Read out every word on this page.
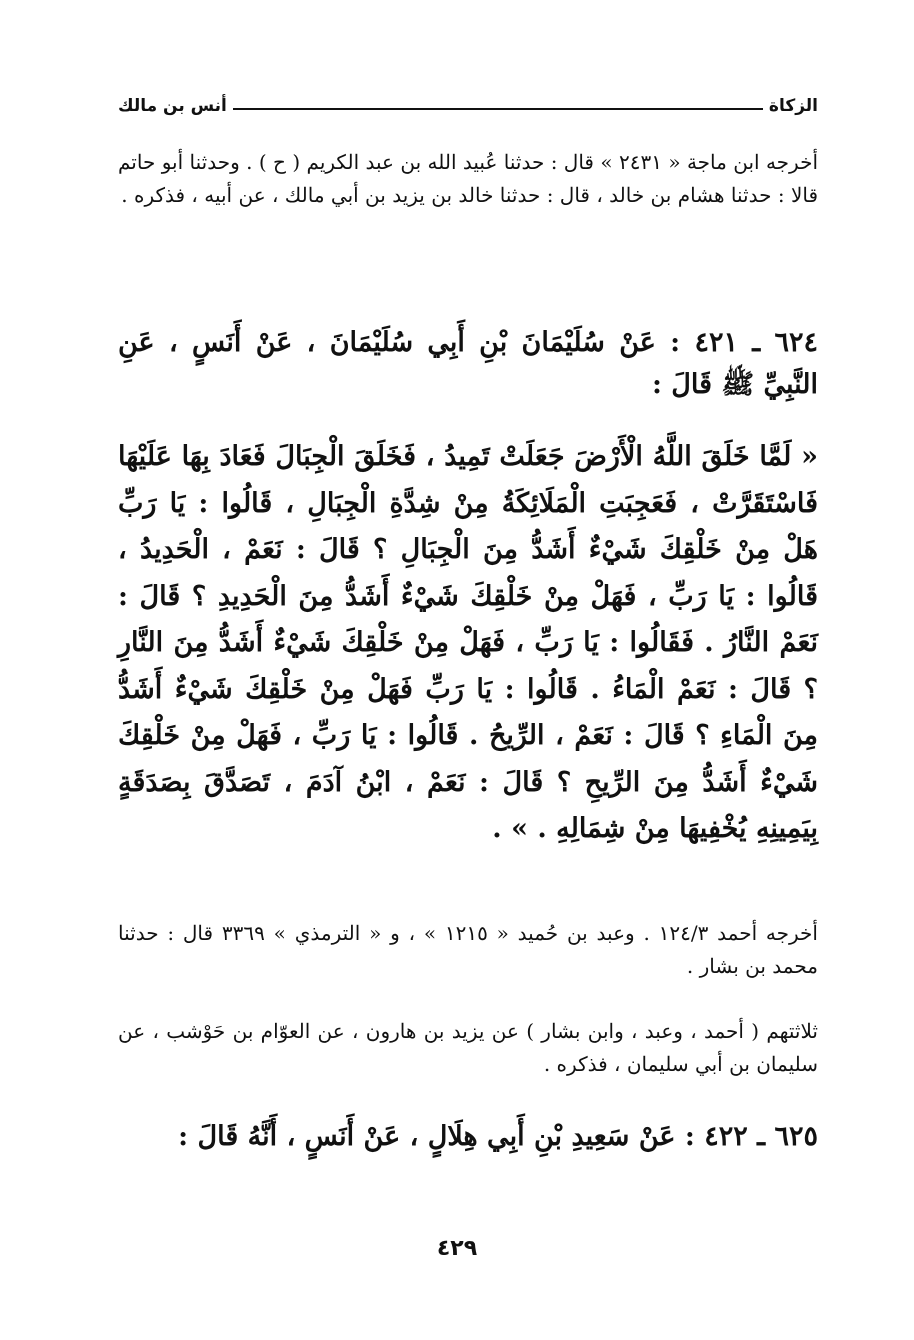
الزكاة
أنس بن مالك

أخرجه ابن ماجة « ٢٤٣١ » قال : حدثنا عُبيد الله بن عبد الكريم ( ح ) . وحدثنا أبو حاتم قالا : حدثنا هشام بن خالد ، قال : حدثنا خالد بن يزيد بن أبي مالك ، عن أبيه ، فذكره .

٦٢٤ ـ ٤٢١ : عَنْ سُلَيْمَانَ بْنِ أَبِي سُلَيْمَانَ ، عَنْ أَنَسٍ ، عَنِ النَّبِيِّ ﷺ قَالَ :

« لَمَّا خَلَقَ اللَّهُ الْأَرْضَ جَعَلَتْ تَمِيدُ ، فَخَلَقَ الْجِبَالَ فَعَادَ بِهَا عَلَيْهَا فَاسْتَقَرَّتْ ، فَعَجِبَتِ الْمَلَائِكَةُ مِنْ شِدَّةِ الْجِبَالِ ، قَالُوا : يَا رَبِّ هَلْ مِنْ خَلْقِكَ شَيْءٌ أَشَدُّ مِنَ الْجِبَالِ ؟ قَالَ : نَعَمْ ، الْحَدِيدُ ، قَالُوا : يَا رَبِّ ، فَهَلْ مِنْ خَلْقِكَ شَيْءٌ أَشَدُّ مِنَ الْحَدِيدِ ؟ قَالَ : نَعَمْ النَّارُ . فَقَالُوا : يَا رَبِّ ، فَهَلْ مِنْ خَلْقِكَ شَيْءٌ أَشَدُّ مِنَ النَّارِ ؟ قَالَ : نَعَمْ الْمَاءُ . قَالُوا : يَا رَبِّ فَهَلْ مِنْ خَلْقِكَ شَيْءٌ أَشَدُّ مِنَ الْمَاءِ ؟ قَالَ : نَعَمْ ، الرِّيحُ . قَالُوا : يَا رَبِّ ، فَهَلْ مِنْ خَلْقِكَ شَيْءٌ أَشَدُّ مِنَ الرِّيحِ ؟ قَالَ : نَعَمْ ، ابْنُ آدَمَ ، تَصَدَّقَ بِصَدَقَةٍ بِيَمِينِهِ يُخْفِيهَا مِنْ شِمَالِهِ . » .

أخرجه أحمد ١٢٤/٣ . وعبد بن حُميد « ١٢١٥ » ، و « الترمذي » ٣٣٦٩ قال : حدثنا محمد بن بشار .

ثلاثتهم ( أحمد ، وعبد ، وابن بشار ) عن يزيد بن هارون ، عن العوّام بن حَوْشب ، عن سليمان بن أبي سليمان ، فذكره .

٦٢٥ ـ ٤٢٢ : عَنْ سَعِيدِ بْنِ أَبِي هِلَالٍ ، عَنْ أَنَسٍ ، أَنَّهُ قَالَ :

٤٢٩
